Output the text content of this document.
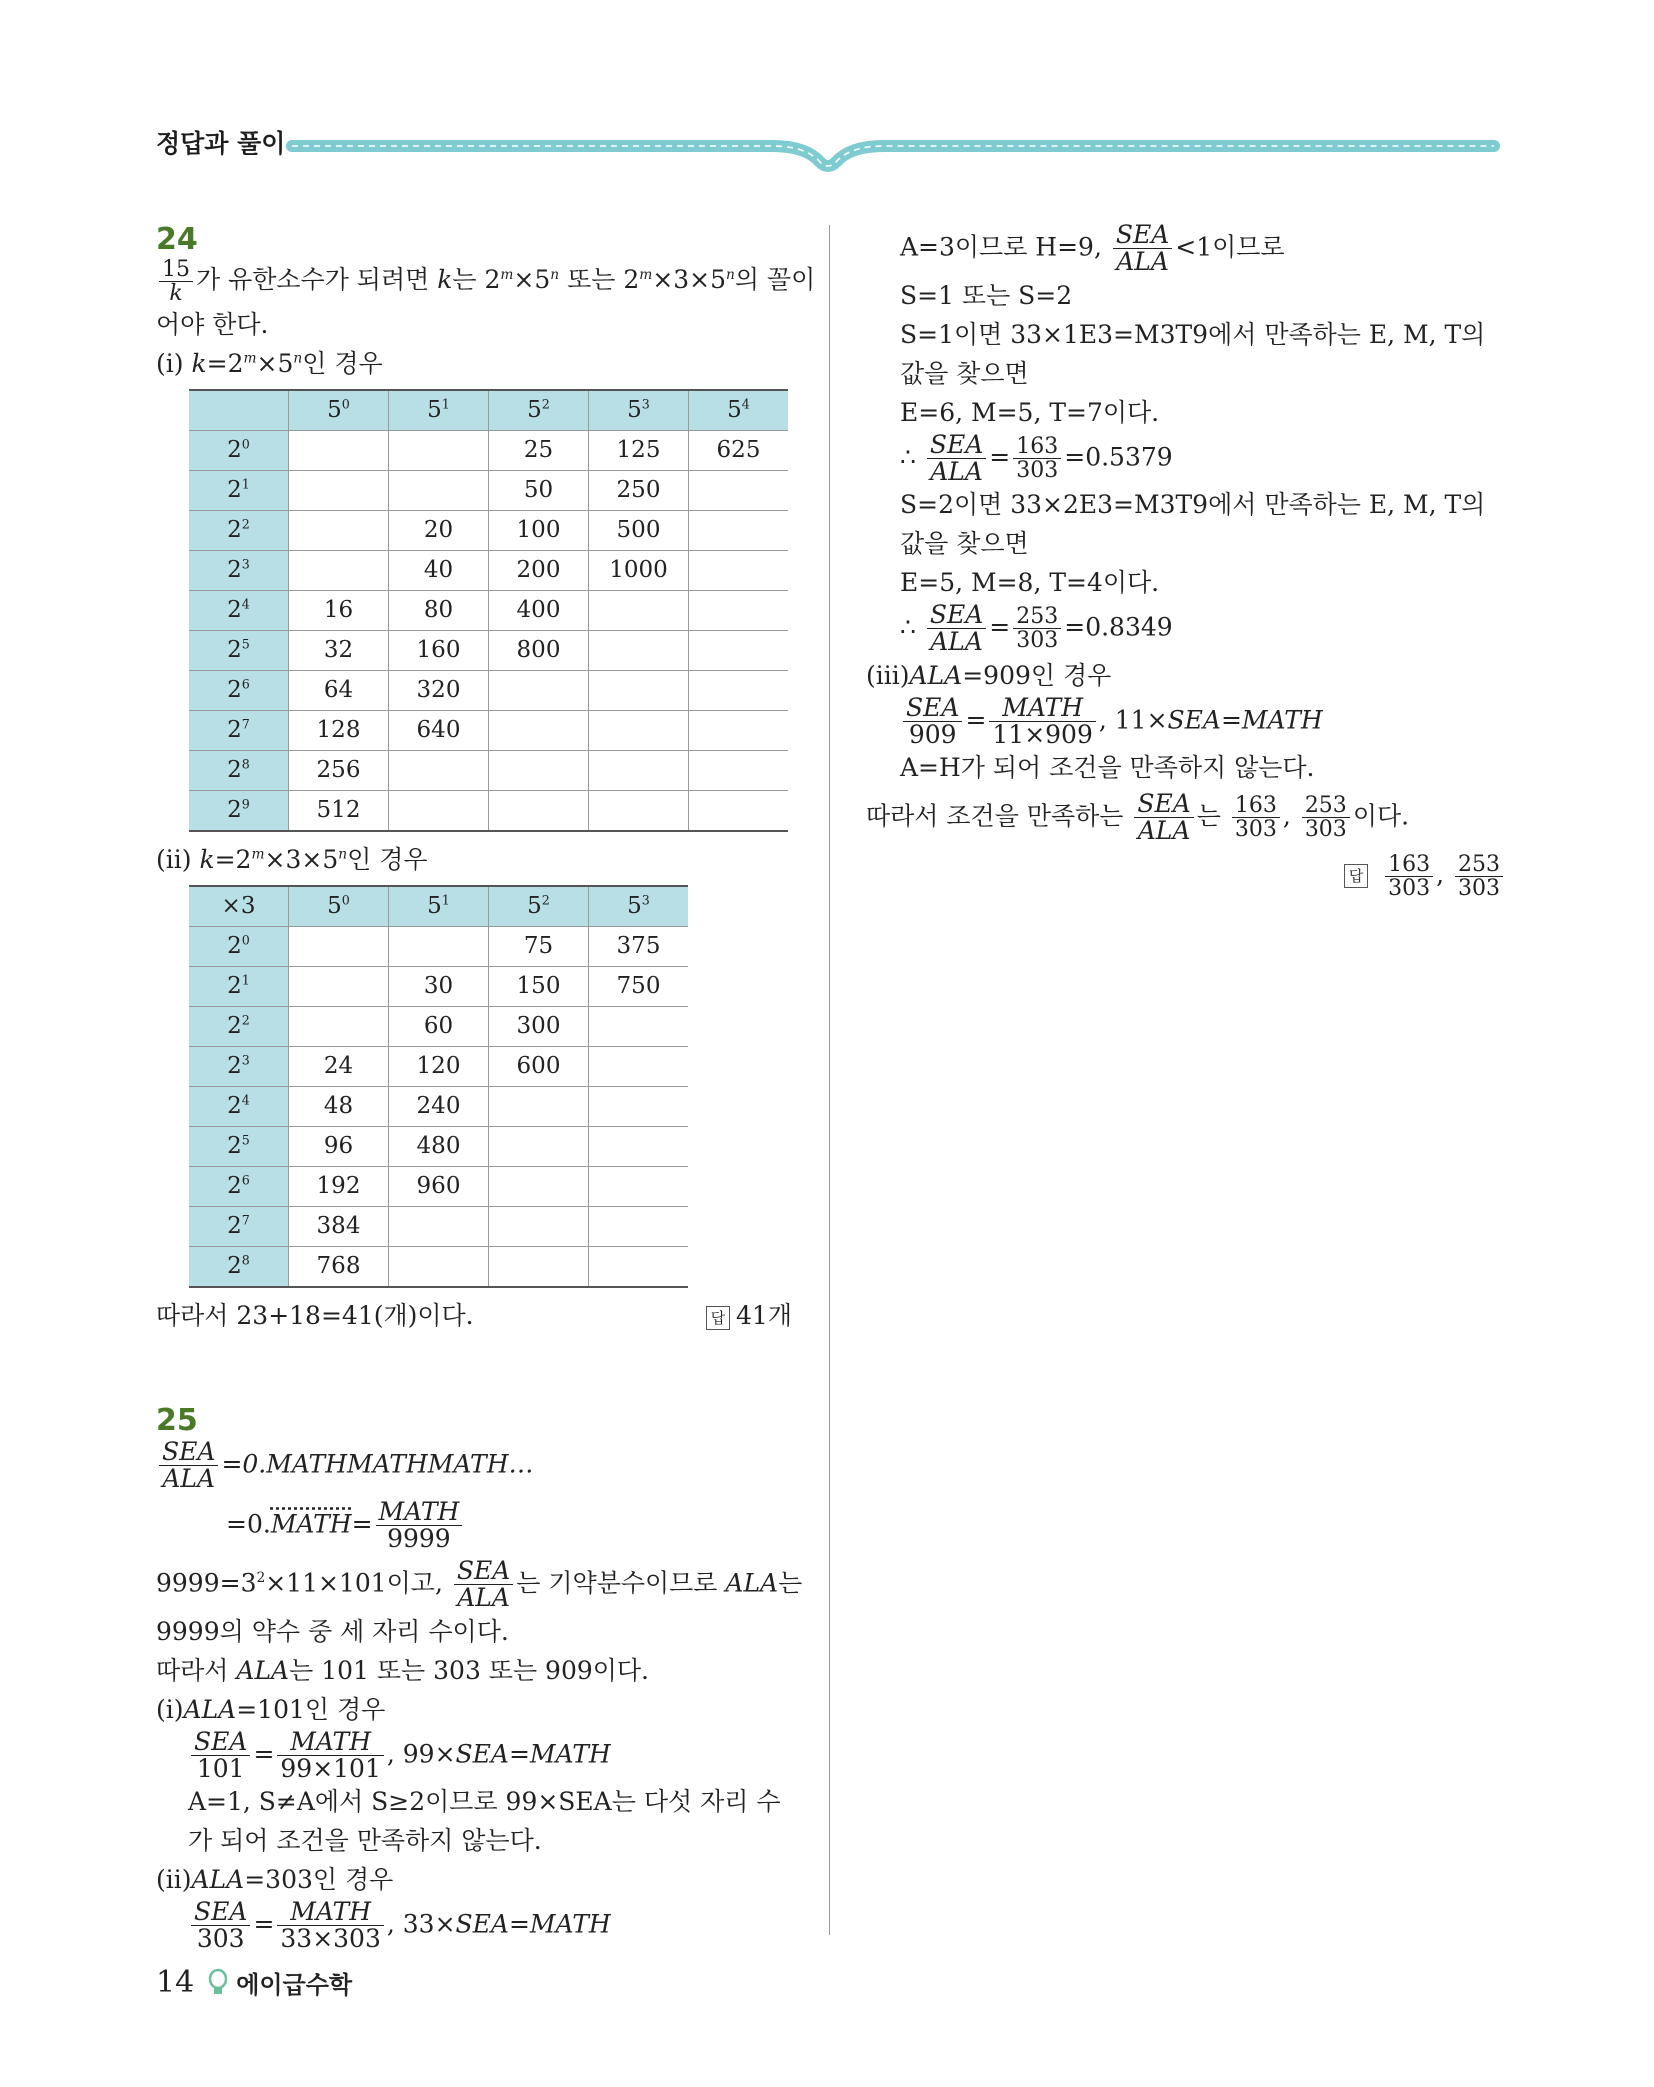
정답과 풀이
24
$\frac{15}{k}$ 가 유한소수가 되려면 k는 $2^m\times 5^n$ 또는 $2^m\times 3\times 5^n$의 꼴이
어야 한다.
(ⅰ) $k=2^m\times 5^n$인 경우
	$5^0$	$5^1$	$5^2$	$5^3$	$5^4$
$2^0$			25	125	625
$2^1$			50	250	
$2^2$		20	100	500	
$2^3$		40	200	1000	
$2^4$	16	80	400		
$2^5$	32	160	800		
$2^6$	64	320			
$2^7$	128	640			
$2^8$	256				
$2^9$	512				
(ⅱ) $k=2^m\times 3\times 5^n$인 경우
×3	$5^0$	$5^1$	$5^2$	$5^3$
$2^0$			75	375
$2^1$		30	150	750
$2^2$		60	300	
$2^3$	24	120	600	
$2^4$	48	240		
$2^5$	96	480		
$2^6$	192	960		
$2^7$	384			
$2^8$	768			
따라서 23+18=41(개)이다.	답 41개
25
$\frac{\text{SEA}}{\text{ALA}}$ =0.MATHMATHMATH…
=0.MATH= $\frac{\text{MATH}}{9999}$
$9999=3^2\times 11\times 101$이고, $\frac{\text{SEA}}{\text{ALA}}$ 는 기약분수이므로 ALA는
9999의 약수 중 세 자리 수이다.
따라서 ALA는 101 또는 303 또는 909이다.
(ⅰ)ALA=101인 경우
$\frac{\text{SEA}}{101} = \frac{\text{MATH}}{99\times 101}$ , 99×SEA=MATH
A=1, S≠A에서 S≥2이므로 99×SEA는 다섯 자리 수
가 되어 조건을 만족하지 않는다.
(ⅱ)ALA=303인 경우
$\frac{\text{SEA}}{303} = \frac{\text{MATH}}{33\times 303}$ , 33×SEA=MATH
A=3이므로 H=9, $\frac{\text{SEA}}{\text{ALA}} <1$이므로
S=1 또는 S=2
S=1이면 33×1E3=M3T9에서 만족하는 E, M, T의
값을 찾으면
E=6, M=5, T=7이다.
∴ $\frac{\text{SEA}}{\text{ALA}} = \frac{163}{303} =0.5379$
S=2이면 33×2E3=M3T9에서 만족하는 E, M, T의
값을 찾으면
E=5, M=8, T=4이다.
∴ $\frac{\text{SEA}}{\text{ALA}} = \frac{253}{303} =0.8349$
(ⅲ)ALA=909인 경우
$\frac{\text{SEA}}{909} = \frac{\text{MATH}}{11\times 909}$ , 11×SEA=MATH
A=H가 되어 조건을 만족하지 않는다.
따라서 조건을 만족하는 $\frac{\text{SEA}}{\text{ALA}}$ 는 $\frac{163}{303}$ , $\frac{253}{303}$ 이다.
답 $\frac{163}{303}$ , $\frac{253}{303}$
14 에이급수학
